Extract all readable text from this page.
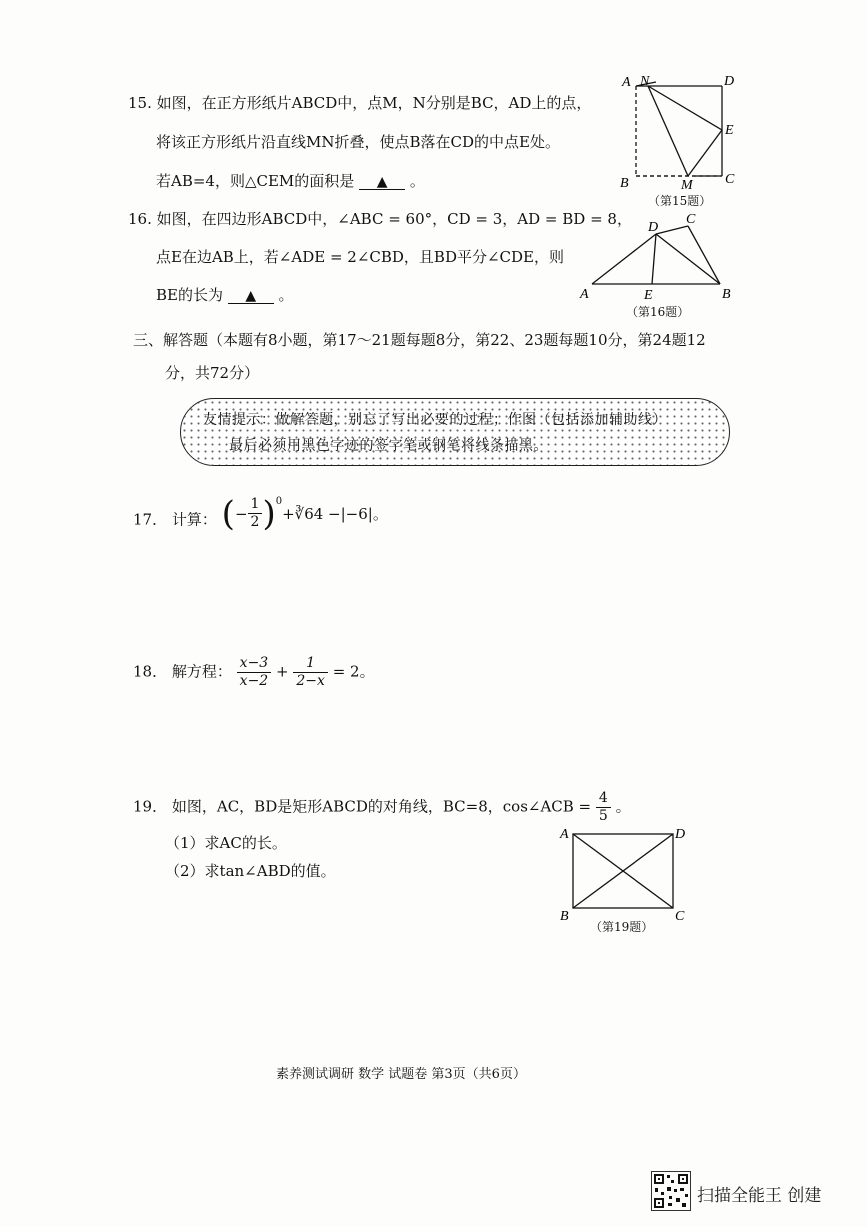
15. 如图，在正方形纸片ABCD中，点M，N分别是BC，AD上的点，
将该正方形纸片沿直线MN折叠，使点B落在CD的中点E处。
若AB=4，则△CEM的面积是 ▲ 。
A N	D
E
B	M C
（第15题）
16. 如图，在四边形ABCD中，∠ABC = 60°，CD = 3，AD = BD = 8，
点E在边AB上，若∠ADE = 2∠CBD，且BD平分∠CDE，则
BE的长为 ▲ 。	A	B
C
D
E
（第16题）
三、解答题（本题有8小题，第17～21题每题8分，第22、23题每题10分，第24题12
分，共72分）
友情提示：做解答题，别忘了写出必要的过程；作图（包括添加辅助线）
最后必须用黑色字迹的签字笔或钢笔将线条描黑。
17． 计算： ( − $\frac{1}{2} )^0$
+∛64 −|−6|。
18． 解方程： $\frac{x-3}{x-2} + \frac{1}{2-x} = 2$。
19． 如图，AC，BD是矩形ABCD的对角线，BC=8，cos∠ACB = $\frac{4}{5}$ 。
（1）求AC的长。
（2）求tan∠ABD的值。
A	D
B	C
（第19题）
素养测试调研 数学 试题卷 第3页（共6页）
扫描全能王 创建
